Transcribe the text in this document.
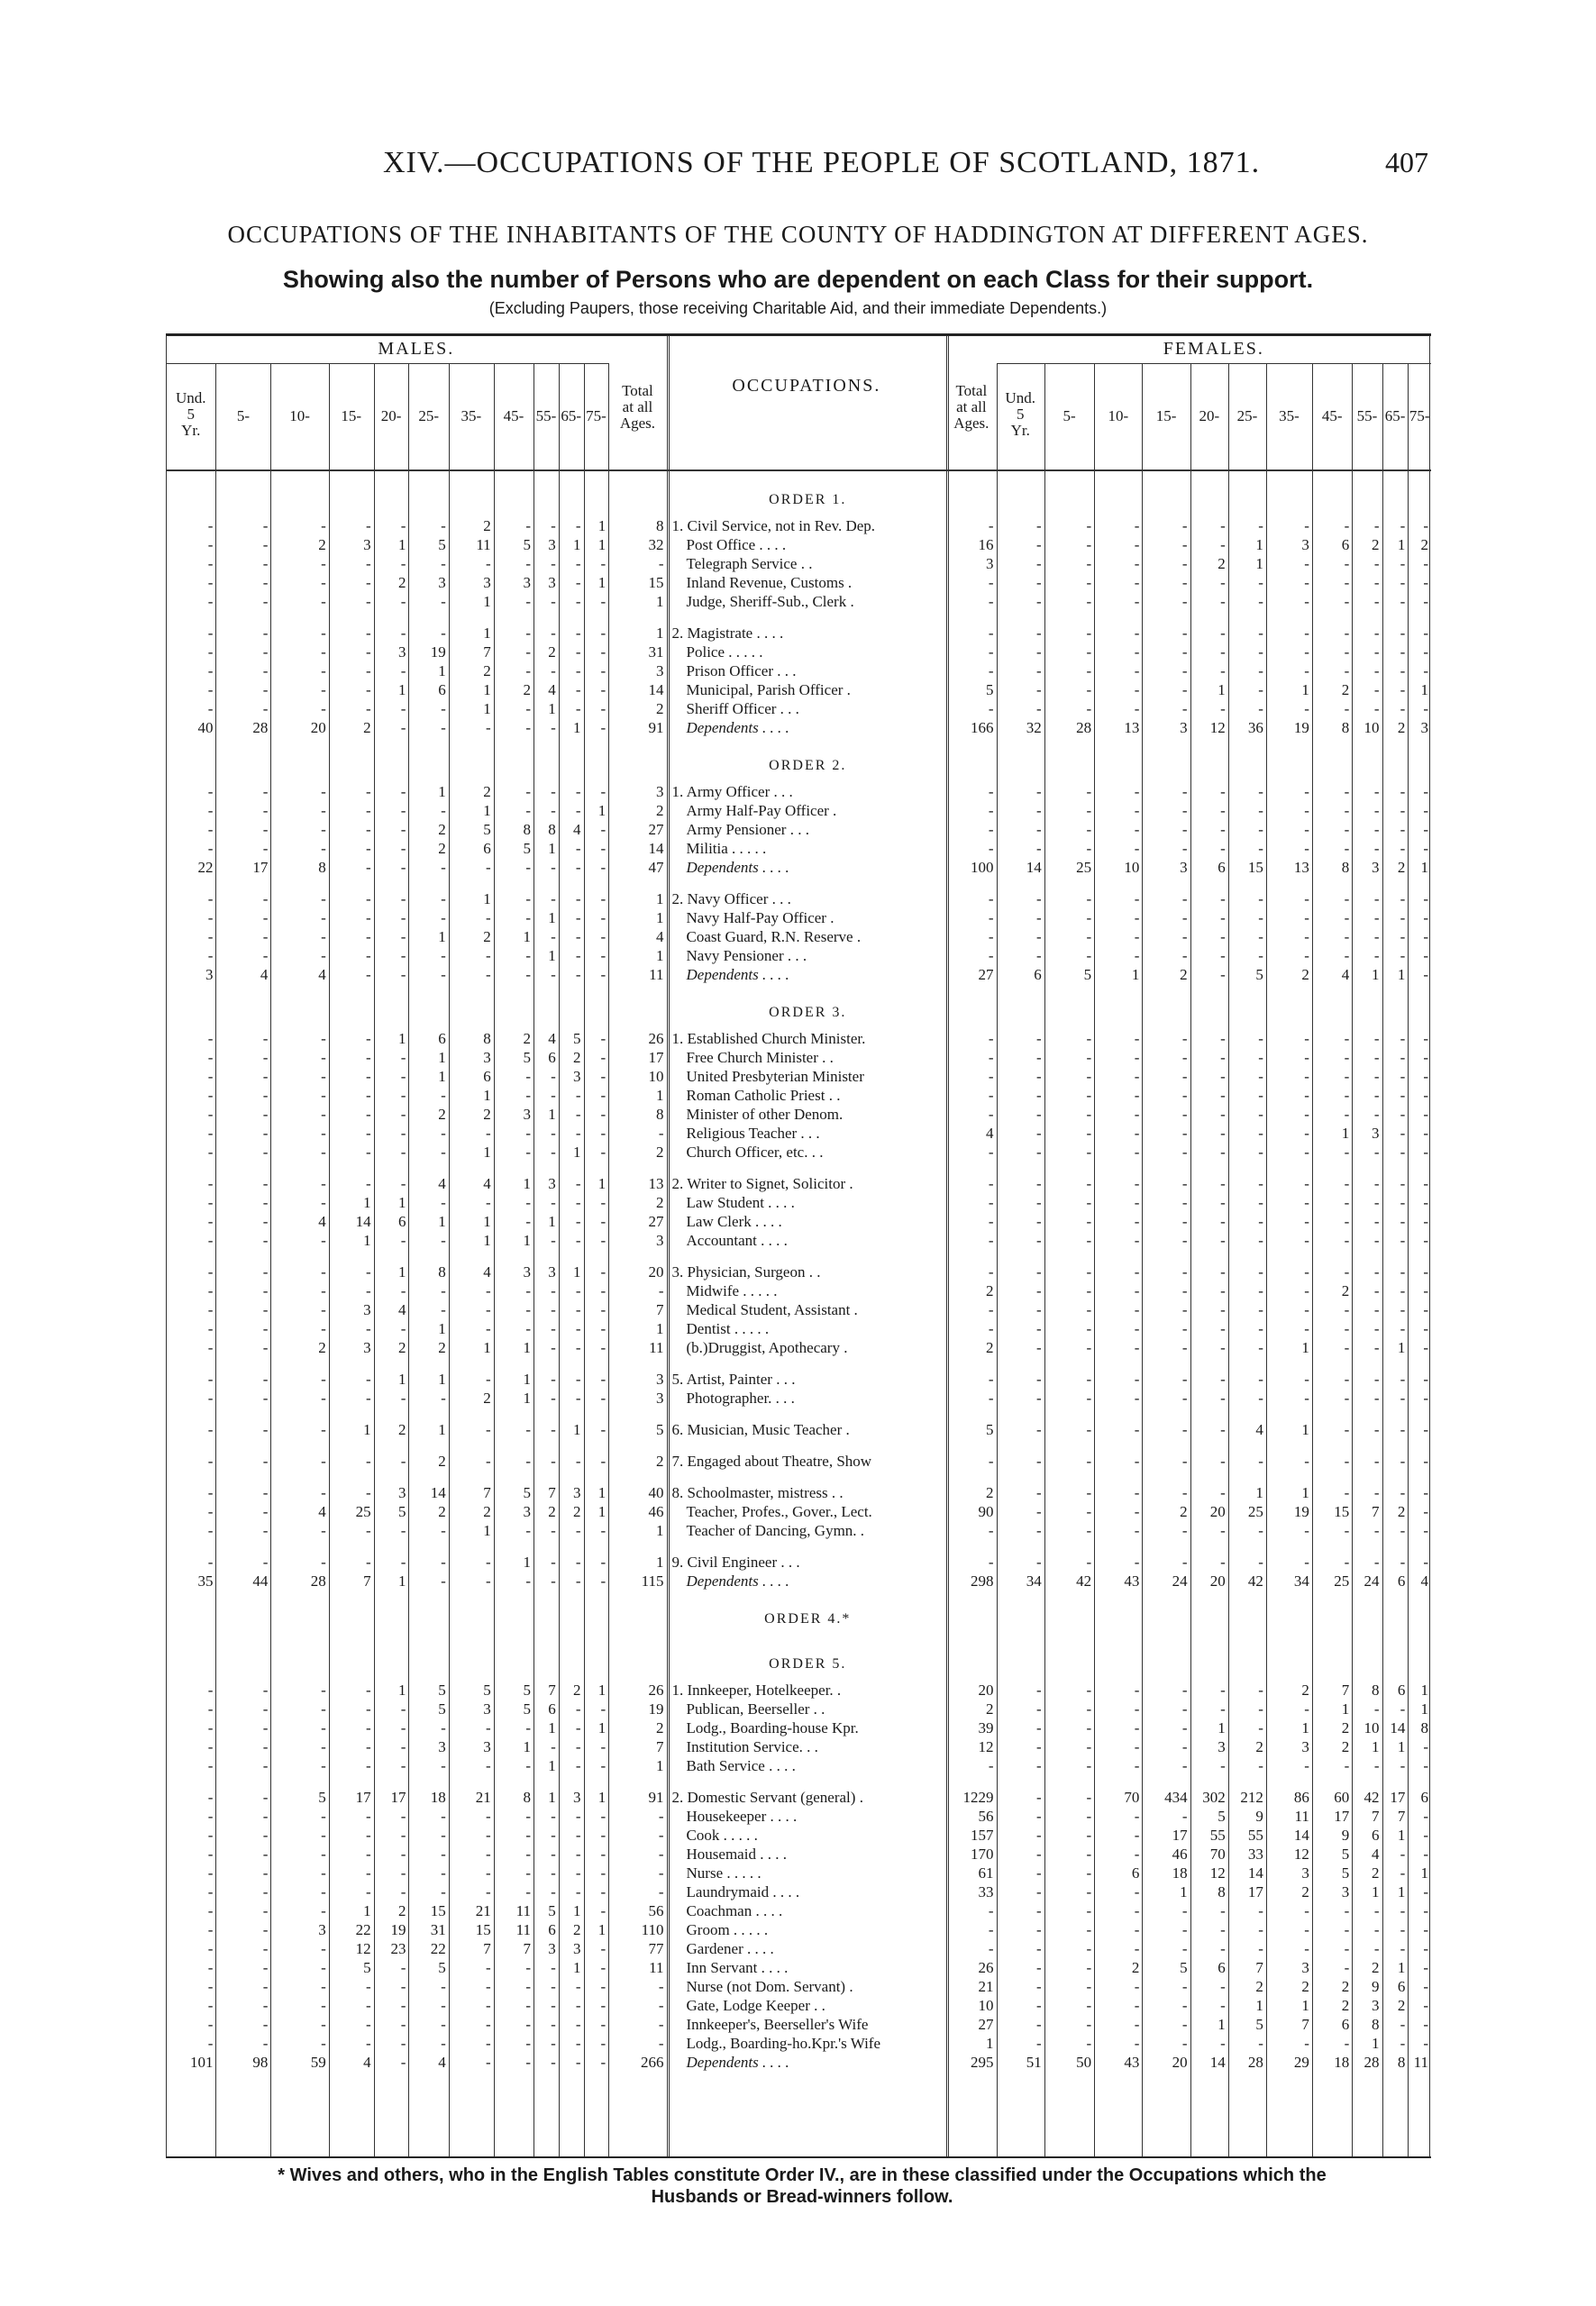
XIV.—OCCUPATIONS OF THE PEOPLE OF SCOTLAND, 1871.	407
OCCUPATIONS OF THE INHABITANTS OF THE COUNTY OF HADDINGTON AT DIFFERENT AGES.
Showing also the number of Persons who are dependent on each Class for their support.
(Excluding Paupers, those receiving Charitable Aid, and their immediate Dependents.)
MALES.	FEMALES.
OCCUPATIONS.
												ORDER 1.												
-	-	-	-	-	-	2	-	-	-	1	8	1. Civil Service, not in Rev. Dep.	-	-	-	-	-	-	-	-	-	-	-	-
-	-	2	3	1	5	11	5	3	1	1	32	Post Office . . . .	16	-	-	-	-	-	1	3	6	2	1	2
-	-	-	-	-	-	-	-	-	-	-	-	Telegraph Service . .	3	-	-	-	-	2	1	-	-	-	-	-
-	-	-	-	2	3	3	3	3	-	1	15	Inland Revenue, Customs .	-	-	-	-	-	-	-	-	-	-	-	-
-	-	-	-	-	-	1	-	-	-	-	1	Judge, Sheriff-Sub., Clerk .	-	-	-	-	-	-	-	-	-	-	-	-

-	-	-	-	-	-	1	-	-	-	-	1	2. Magistrate . . . .	-	-	-	-	-	-	-	-	-	-	-	-
-	-	-	-	3	19	7	-	2	-	-	31	Police . . . . .	-	-	-	-	-	-	-	-	-	-	-	-
-	-	-	-	-	1	2	-	-	-	-	3	Prison Officer . . .	-	-	-	-	-	-	-	-	-	-	-	-
-	-	-	-	1	6	1	2	4	-	-	14	Municipal, Parish Officer .	5	-	-	-	-	1	-	1	2	-	-	1
-	-	-	-	-	-	1	-	1	-	-	2	Sheriff Officer . . .	-	-	-	-	-	-	-	-	-	-	-	-
40	28	20	2	-	-	-	-	-	1	-	91	Dependents . . . .	166	32	28	13	3	12	36	19	8	10	2	3
												ORDER 2.												
-	-	-	-	-	1	2	-	-	-	-	3	1. Army Officer . . .	-	-	-	-	-	-	-	-	-	-	-	-
-	-	-	-	-	-	1	-	-	-	1	2	Army Half-Pay Officer .	-	-	-	-	-	-	-	-	-	-	-	-
-	-	-	-	-	2	5	8	8	4	-	27	Army Pensioner . . .	-	-	-	-	-	-	-	-	-	-	-	-
-	-	-	-	-	2	6	5	1	-	-	14	Militia . . . . .	-	-	-	-	-	-	-	-	-	-	-	-
22	17	8	-	-	-	-	-	-	-	-	47	Dependents . . . .	100	14	25	10	3	6	15	13	8	3	2	1

-	-	-	-	-	-	1	-	-	-	-	1	2. Navy Officer . . .	-	-	-	-	-	-	-	-	-	-	-	-
-	-	-	-	-	-	-	-	1	-	-	1	Navy Half-Pay Officer .	-	-	-	-	-	-	-	-	-	-	-	-
-	-	-	-	-	1	2	1	-	-	-	4	Coast Guard, R.N. Reserve .	-	-	-	-	-	-	-	-	-	-	-	-
-	-	-	-	-	-	-	-	1	-	-	1	Navy Pensioner . . .	-	-	-	-	-	-	-	-	-	-	-	-
3	4	4	-	-	-	-	-	-	-	-	11	Dependents . . . .	27	6	5	1	2	-	5	2	4	1	1	-
												ORDER 3.												
-	-	-	-	1	6	8	2	4	5	-	26	1. Established Church Minister.	-	-	-	-	-	-	-	-	-	-	-	-
-	-	-	-	-	1	3	5	6	2	-	17	Free Church Minister . .	-	-	-	-	-	-	-	-	-	-	-	-
-	-	-	-	-	1	6	-	-	3	-	10	United Presbyterian Minister	-	-	-	-	-	-	-	-	-	-	-	-
-	-	-	-	-	-	1	-	-	-	-	1	Roman Catholic Priest . .	-	-	-	-	-	-	-	-	-	-	-	-
-	-	-	-	-	2	2	3	1	-	-	8	Minister of other Denom.	-	-	-	-	-	-	-	-	-	-	-	-
-	-	-	-	-	-	-	-	-	-	-	-	Religious Teacher . . .	4	-	-	-	-	-	-	-	1	3	-	-
-	-	-	-	-	-	1	-	-	1	-	2	Church Officer, etc. . .	-	-	-	-	-	-	-	-	-	-	-	-

-	-	-	-	-	4	4	1	3	-	1	13	2. Writer to Signet, Solicitor .	-	-	-	-	-	-	-	-	-	-	-	-
-	-	-	1	1	-	-	-	-	-	-	2	Law Student . . . .	-	-	-	-	-	-	-	-	-	-	-	-
-	-	4	14	6	1	1	-	1	-	-	27	Law Clerk . . . .	-	-	-	-	-	-	-	-	-	-	-	-
-	-	-	1	-	-	1	1	-	-	-	3	Accountant . . . .	-	-	-	-	-	-	-	-	-	-	-	-

-	-	-	-	1	8	4	3	3	1	-	20	3. Physician, Surgeon . .	-	-	-	-	-	-	-	-	-	-	-	-
-	-	-	-	-	-	-	-	-	-	-	-	Midwife . . . . .	2	-	-	-	-	-	-	-	2	-	-	-
-	-	-	3	4	-	-	-	-	-	-	7	Medical Student, Assistant .	-	-	-	-	-	-	-	-	-	-	-	-
-	-	-	-	-	1	-	-	-	-	-	1	Dentist . . . . .	-	-	-	-	-	-	-	-	-	-	-	-
-	-	2	3	2	2	1	1	-	-	-	11	(b.)Druggist, Apothecary .	2	-	-	-	-	-	-	1	-	-	1	-

-	-	-	-	1	1	-	1	-	-	-	3	5. Artist, Painter . . .	-	-	-	-	-	-	-	-	-	-	-	-
-	-	-	-	-	-	2	1	-	-	-	3	Photographer. . . .	-	-	-	-	-	-	-	-	-	-	-	-

-	-	-	1	2	1	-	-	-	1	-	5	6. Musician, Music Teacher .	5	-	-	-	-	-	4	1	-	-	-	-

-	-	-	-	-	2	-	-	-	-	-	2	7. Engaged about Theatre, Show	-	-	-	-	-	-	-	-	-	-	-	-

-	-	-	-	3	14	7	5	7	3	1	40	8. Schoolmaster, mistress . .	2	-	-	-	-	-	1	1	-	-	-	-
-	-	4	25	5	2	2	3	2	2	1	46	Teacher, Profes., Gover., Lect.	90	-	-	-	2	20	25	19	15	7	2	-
-	-	-	-	-	-	1	-	-	-	-	1	Teacher of Dancing, Gymn. .	-	-	-	-	-	-	-	-	-	-	-	-

-	-	-	-	-	-	-	1	-	-	-	1	9. Civil Engineer . . .	-	-	-	-	-	-	-	-	-	-	-	-
35	44	28	7	1	-	-	-	-	-	-	115	Dependents . . . .	298	34	42	43	24	20	42	34	25	24	6	4
												ORDER 4.*												
												ORDER 5.												
-	-	-	-	1	5	5	5	7	2	1	26	1. Innkeeper, Hotelkeeper. .	20	-	-	-	-	-	-	2	7	8	6	1
-	-	-	-	-	5	3	5	6	-	-	19	Publican, Beerseller . .	2	-	-	-	-	-	-	-	1	-	-	1
-	-	-	-	-	-	-	-	1	-	1	2	Lodg., Boarding-house Kpr.	39	-	-	-	-	1	-	1	2	10	14	8
-	-	-	-	-	3	3	1	-	-	-	7	Institution Service. . .	12	-	-	-	-	3	2	3	2	1	1	-
-	-	-	-	-	-	-	-	1	-	-	1	Bath Service . . . .	-	-	-	-	-	-	-	-	-	-	-	-

-	-	5	17	17	18	21	8	1	3	1	91	2. Domestic Servant (general) .	1229	-	-	70	434	302	212	86	60	42	17	6
-	-	-	-	-	-	-	-	-	-	-	-	Housekeeper . . . .	56	-	-	-	-	5	9	11	17	7	7	-
-	-	-	-	-	-	-	-	-	-	-	-	Cook . . . . .	157	-	-	-	17	55	55	14	9	6	1	-
-	-	-	-	-	-	-	-	-	-	-	-	Housemaid . . . .	170	-	-	-	46	70	33	12	5	4	-	-
-	-	-	-	-	-	-	-	-	-	-	-	Nurse . . . . .	61	-	-	6	18	12	14	3	5	2	-	1
-	-	-	-	-	-	-	-	-	-	-	-	Laundrymaid . . . .	33	-	-	-	1	8	17	2	3	1	1	-
-	-	-	1	2	15	21	11	5	1	-	56	Coachman . . . .	-	-	-	-	-	-	-	-	-	-	-	-
-	-	3	22	19	31	15	11	6	2	1	110	Groom . . . . .	-	-	-	-	-	-	-	-	-	-	-	-
-	-	-	12	23	22	7	7	3	3	-	77	Gardener . . . .	-	-	-	-	-	-	-	-	-	-	-	-
-	-	-	5	-	5	-	-	-	1	-	11	Inn Servant . . . .	26	-	-	2	5	6	7	3	-	2	1	-
-	-	-	-	-	-	-	-	-	-	-	-	Nurse (not Dom. Servant) .	21	-	-	-	-	-	2	2	2	9	6	-
-	-	-	-	-	-	-	-	-	-	-	-	Gate, Lodge Keeper . .	10	-	-	-	-	-	1	1	2	3	2	-
-	-	-	-	-	-	-	-	-	-	-	-	Innkeeper's, Beerseller's Wife	27	-	-	-	-	1	5	7	6	8	-	-
-	-	-	-	-	-	-	-	-	-	-	-	Lodg., Boarding-ho.Kpr.'s Wife	1	-	-	-	-	-	-	-	-	1	-	-
101	98	59	4	-	4	-	-	-	-	-	266	Dependents . . . .	295	51	50	43	20	14	28	29	18	28	8	11
Und.
5
Yr.
Und.
5
Yr.
5-	5-
10-	10-
15-	15-
20-	20-
25-	25-
35-	35-
45-	45-
55-	55-
65-	65-
75-	75-
Total
at all
Ages.
Total
at all
Ages.
* Wives and others, who in the English Tables constitute Order IV., are in these classified under the Occupations which the Husbands or Bread-winners follow.
